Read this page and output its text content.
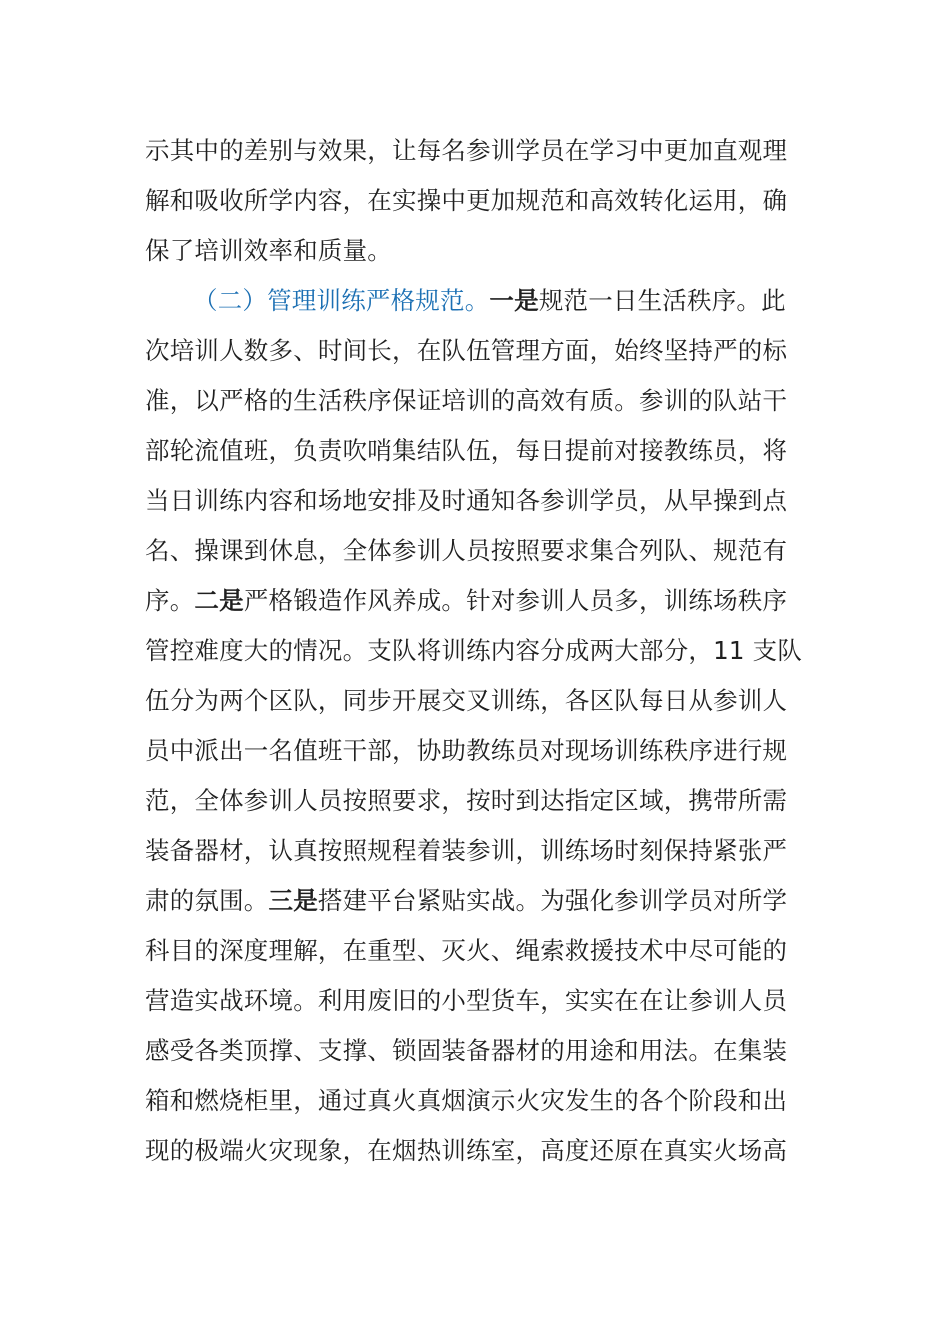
示其中的差别与效果，让每名参训学员在学习中更加直观理
解和吸收所学内容，在实操中更加规范和高效转化运用，确
保了培训效率和质量。
（二）管理训练严格规范。一是规范一日生活秩序。此
次培训人数多、时间长，在队伍管理方面，始终坚持严的标
准，以严格的生活秩序保证培训的高效有质。参训的队站干
部轮流值班，负责吹哨集结队伍，每日提前对接教练员，将
当日训练内容和场地安排及时通知各参训学员，从早操到点
名、操课到休息，全体参训人员按照要求集合列队、规范有
序。二是严格锻造作风养成。针对参训人员多，训练场秩序
管控难度大的情况。支队将训练内容分成两大部分，11 支队
伍分为两个区队，同步开展交叉训练，各区队每日从参训人
员中派出一名值班干部，协助教练员对现场训练秩序进行规
范，全体参训人员按照要求，按时到达指定区域，携带所需
装备器材，认真按照规程着装参训，训练场时刻保持紧张严
肃的氛围。三是搭建平台紧贴实战。为强化参训学员对所学
科目的深度理解，在重型、灭火、绳索救援技术中尽可能的
营造实战环境。利用废旧的小型货车，实实在在让参训人员
感受各类顶撑、支撑、锁固装备器材的用途和用法。在集装
箱和燃烧柜里，通过真火真烟演示火灾发生的各个阶段和出
现的极端火灾现象，在烟热训练室，高度还原在真实火场高
